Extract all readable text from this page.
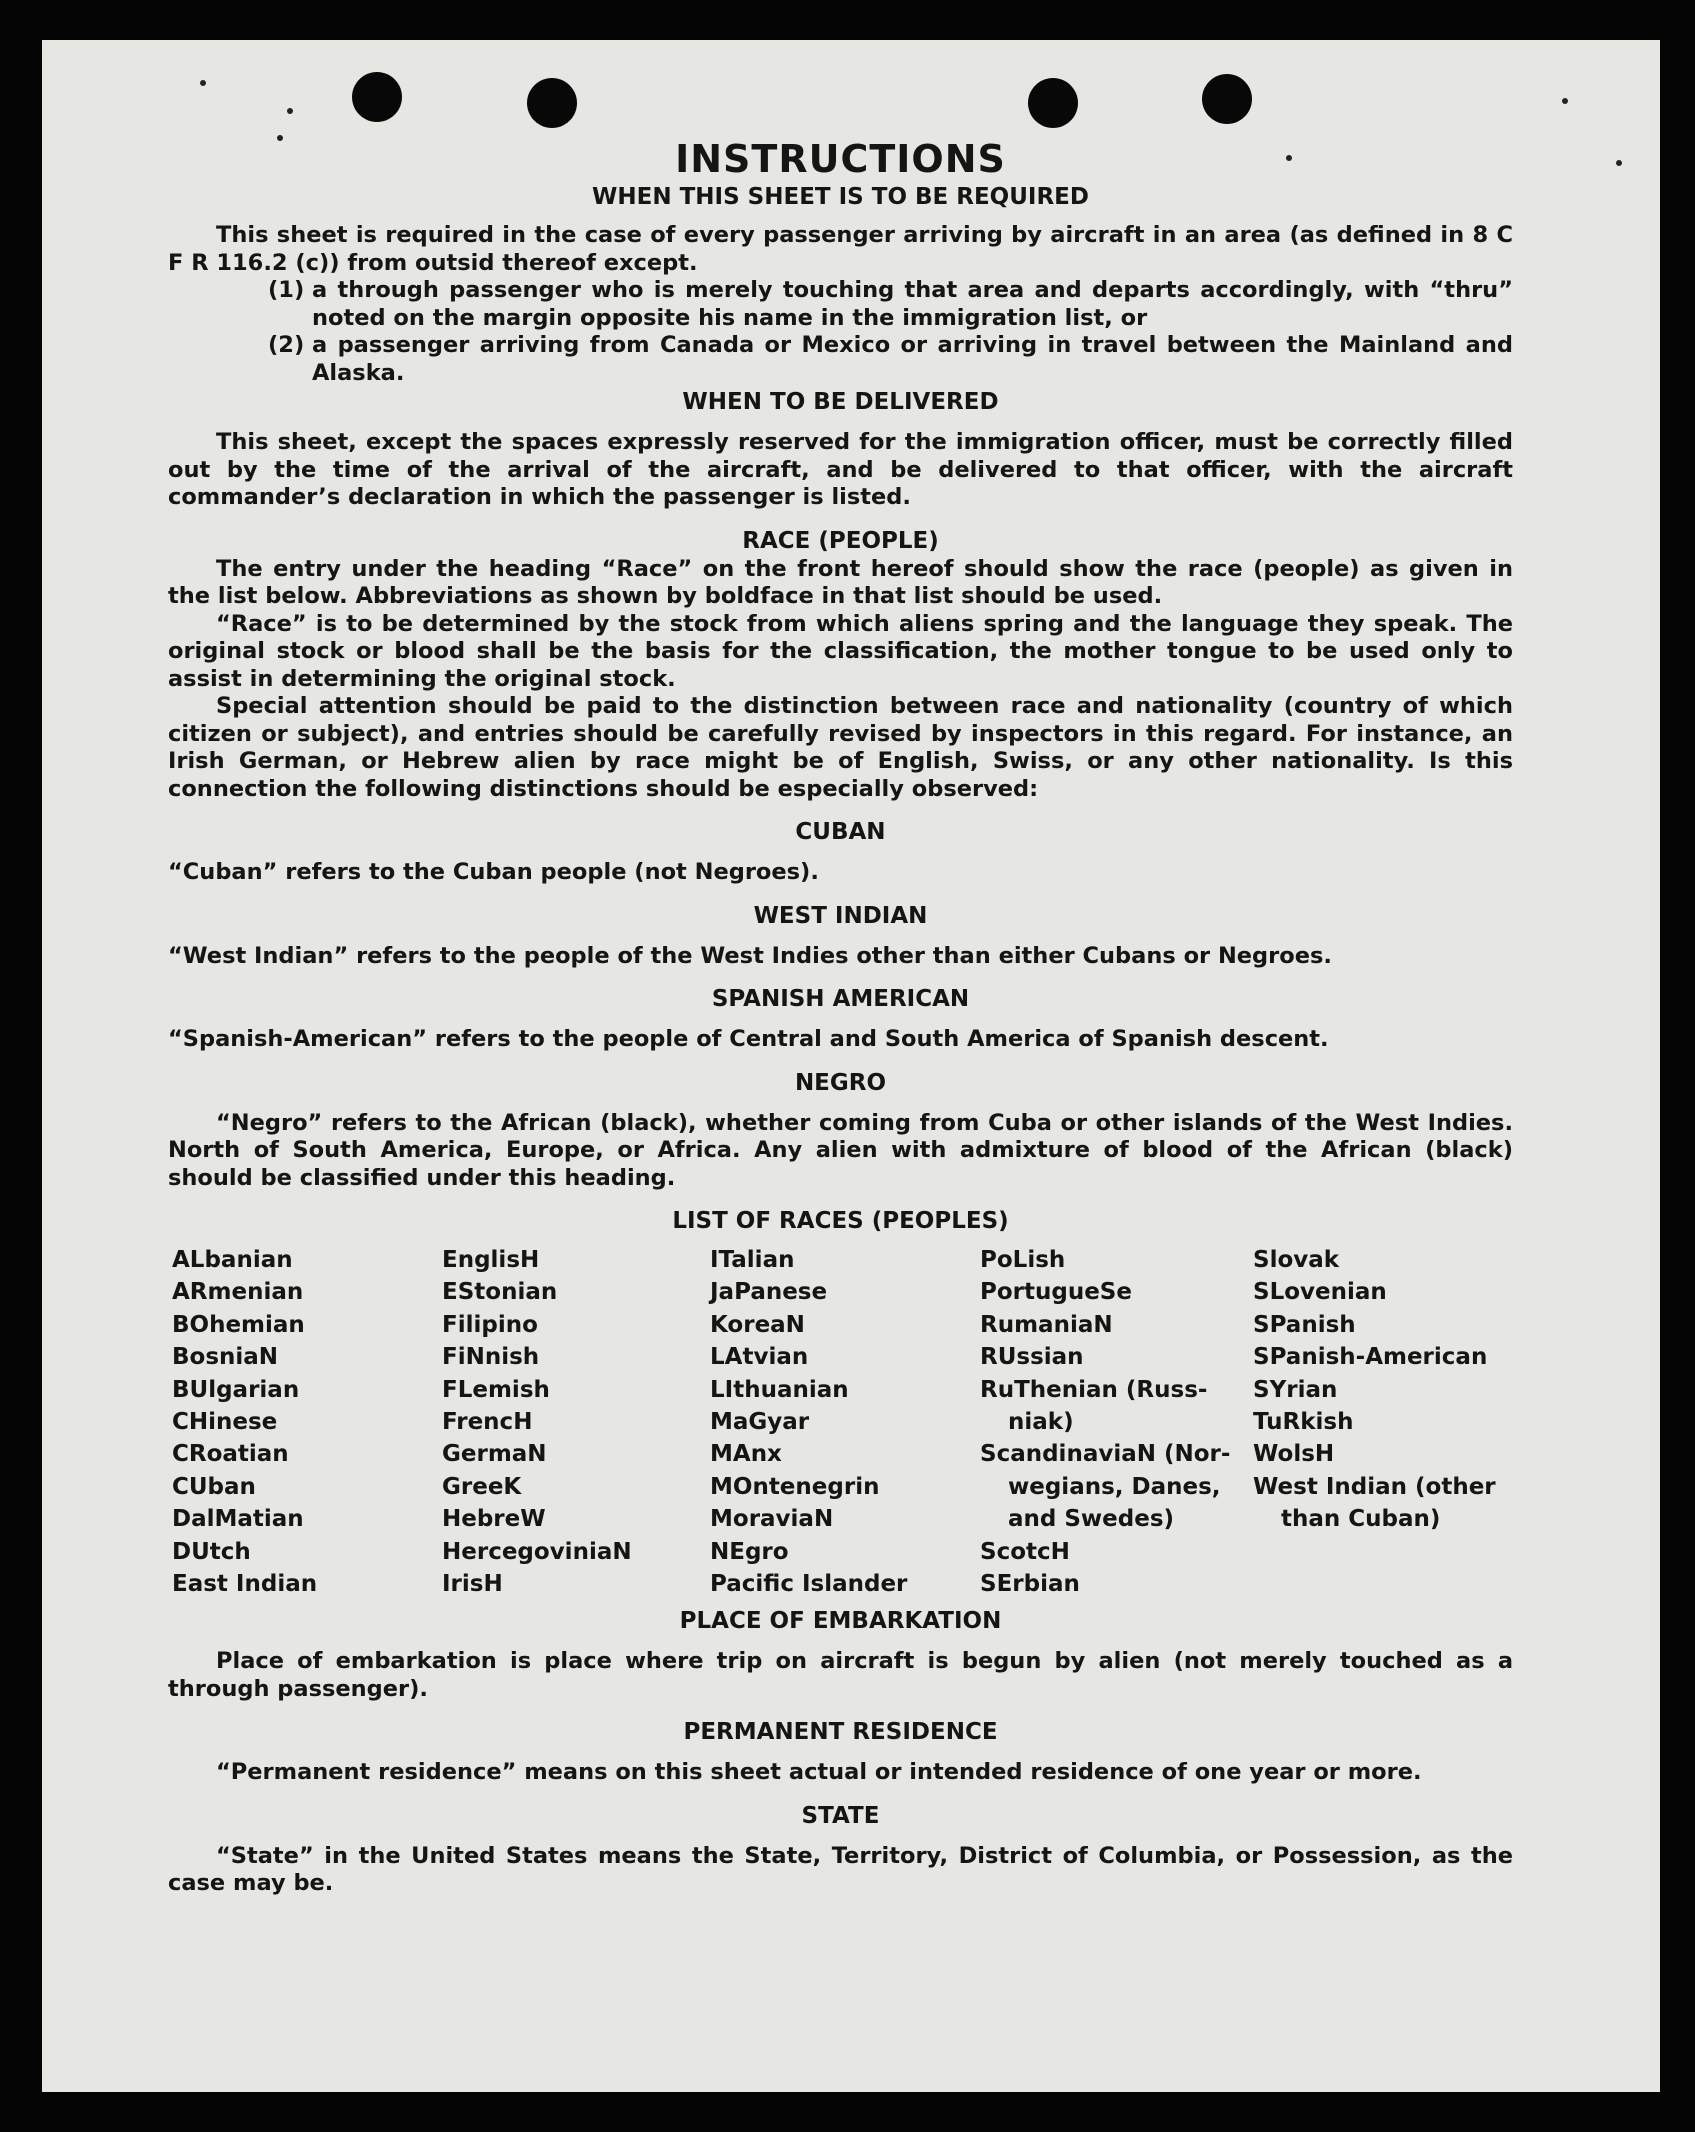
INSTRUCTIONS
WHEN THIS SHEET IS TO BE REQUIRED

This sheet is required in the case of every passenger arriving by aircraft in an area (as defined in 8 C F R 116.2 (c)) from outsid thereof except.

(1) a through passenger who is merely touching that area and departs accordingly, with “thru” noted on the margin opposite his name in the immigration list, or
(2) a passenger arriving from Canada or Mexico or arriving in travel between the Mainland and Alaska.
WHEN TO BE DELIVERED

This sheet, except the spaces expressly reserved for the immigration officer, must be correctly filled out by the time of the arrival of the aircraft, and be delivered to that officer, with the aircraft commander’s declaration in which the passenger is listed.

RACE (PEOPLE)

The entry under the heading “Race” on the front hereof should show the race (people) as given in the list below. Abbreviations as shown by boldface in that list should be used.

“Race” is to be determined by the stock from which aliens spring and the language they speak. The original stock or blood shall be the basis for the classification, the mother tongue to be used only to assist in determining the original stock.

Special attention should be paid to the distinction between race and nationality (country of which citizen or subject), and entries should be carefully revised by inspectors in this regard. For instance, an Irish German, or Hebrew alien by race might be of English, Swiss, or any other nationality. Is this connection the following distinctions should be especially observed:

CUBAN

“Cuban” refers to the Cuban people (not Negroes).

WEST INDIAN

“West Indian” refers to the people of the West Indies other than either Cubans or Negroes.

SPANISH AMERICAN

“Spanish-American” refers to the people of Central and South America of Spanish descent.

NEGRO

“Negro” refers to the African (black), whether coming from Cuba or other islands of the West Indies. North of South America, Europe, or Africa. Any alien with admixture of blood of the African (black) should be classified under this heading.

LIST OF RACES (PEOPLES)
ALbanian
ARmenian
BOhemian
BosniaN
BUlgarian
CHinese
CRoatian
CUban
DalMatian
DUtch
East Indian
EnglisH
EStonian
Filipino
FiNnish
FLemish
FrencH
GermaN
GreeK
HebreW
HercegoviniaN
IrisH
ITalian
JaPanese
KoreaN
LAtvian
LIthuanian
MaGyar
MAnx
MOntenegrin
MoraviaN
NEgro
Pacific Islander
PoLish
PortugueSe
RumaniaN
RUssian
RuThenian (Russ-
niak)
ScandinaviaN (Nor-
wegians, Danes,
and Swedes)
ScotcH
SErbian
Slovak
SLovenian
SPanish
SPanish-American
SYrian
TuRkish
WolsH
West Indian (other
than Cuban)
PLACE OF EMBARKATION

Place of embarkation is place where trip on aircraft is begun by alien (not merely touched as a through passenger).

PERMANENT RESIDENCE

“Permanent residence” means on this sheet actual or intended residence of one year or more.

STATE

“State” in the United States means the State, Territory, District of Columbia, or Possession, as the case may be.
